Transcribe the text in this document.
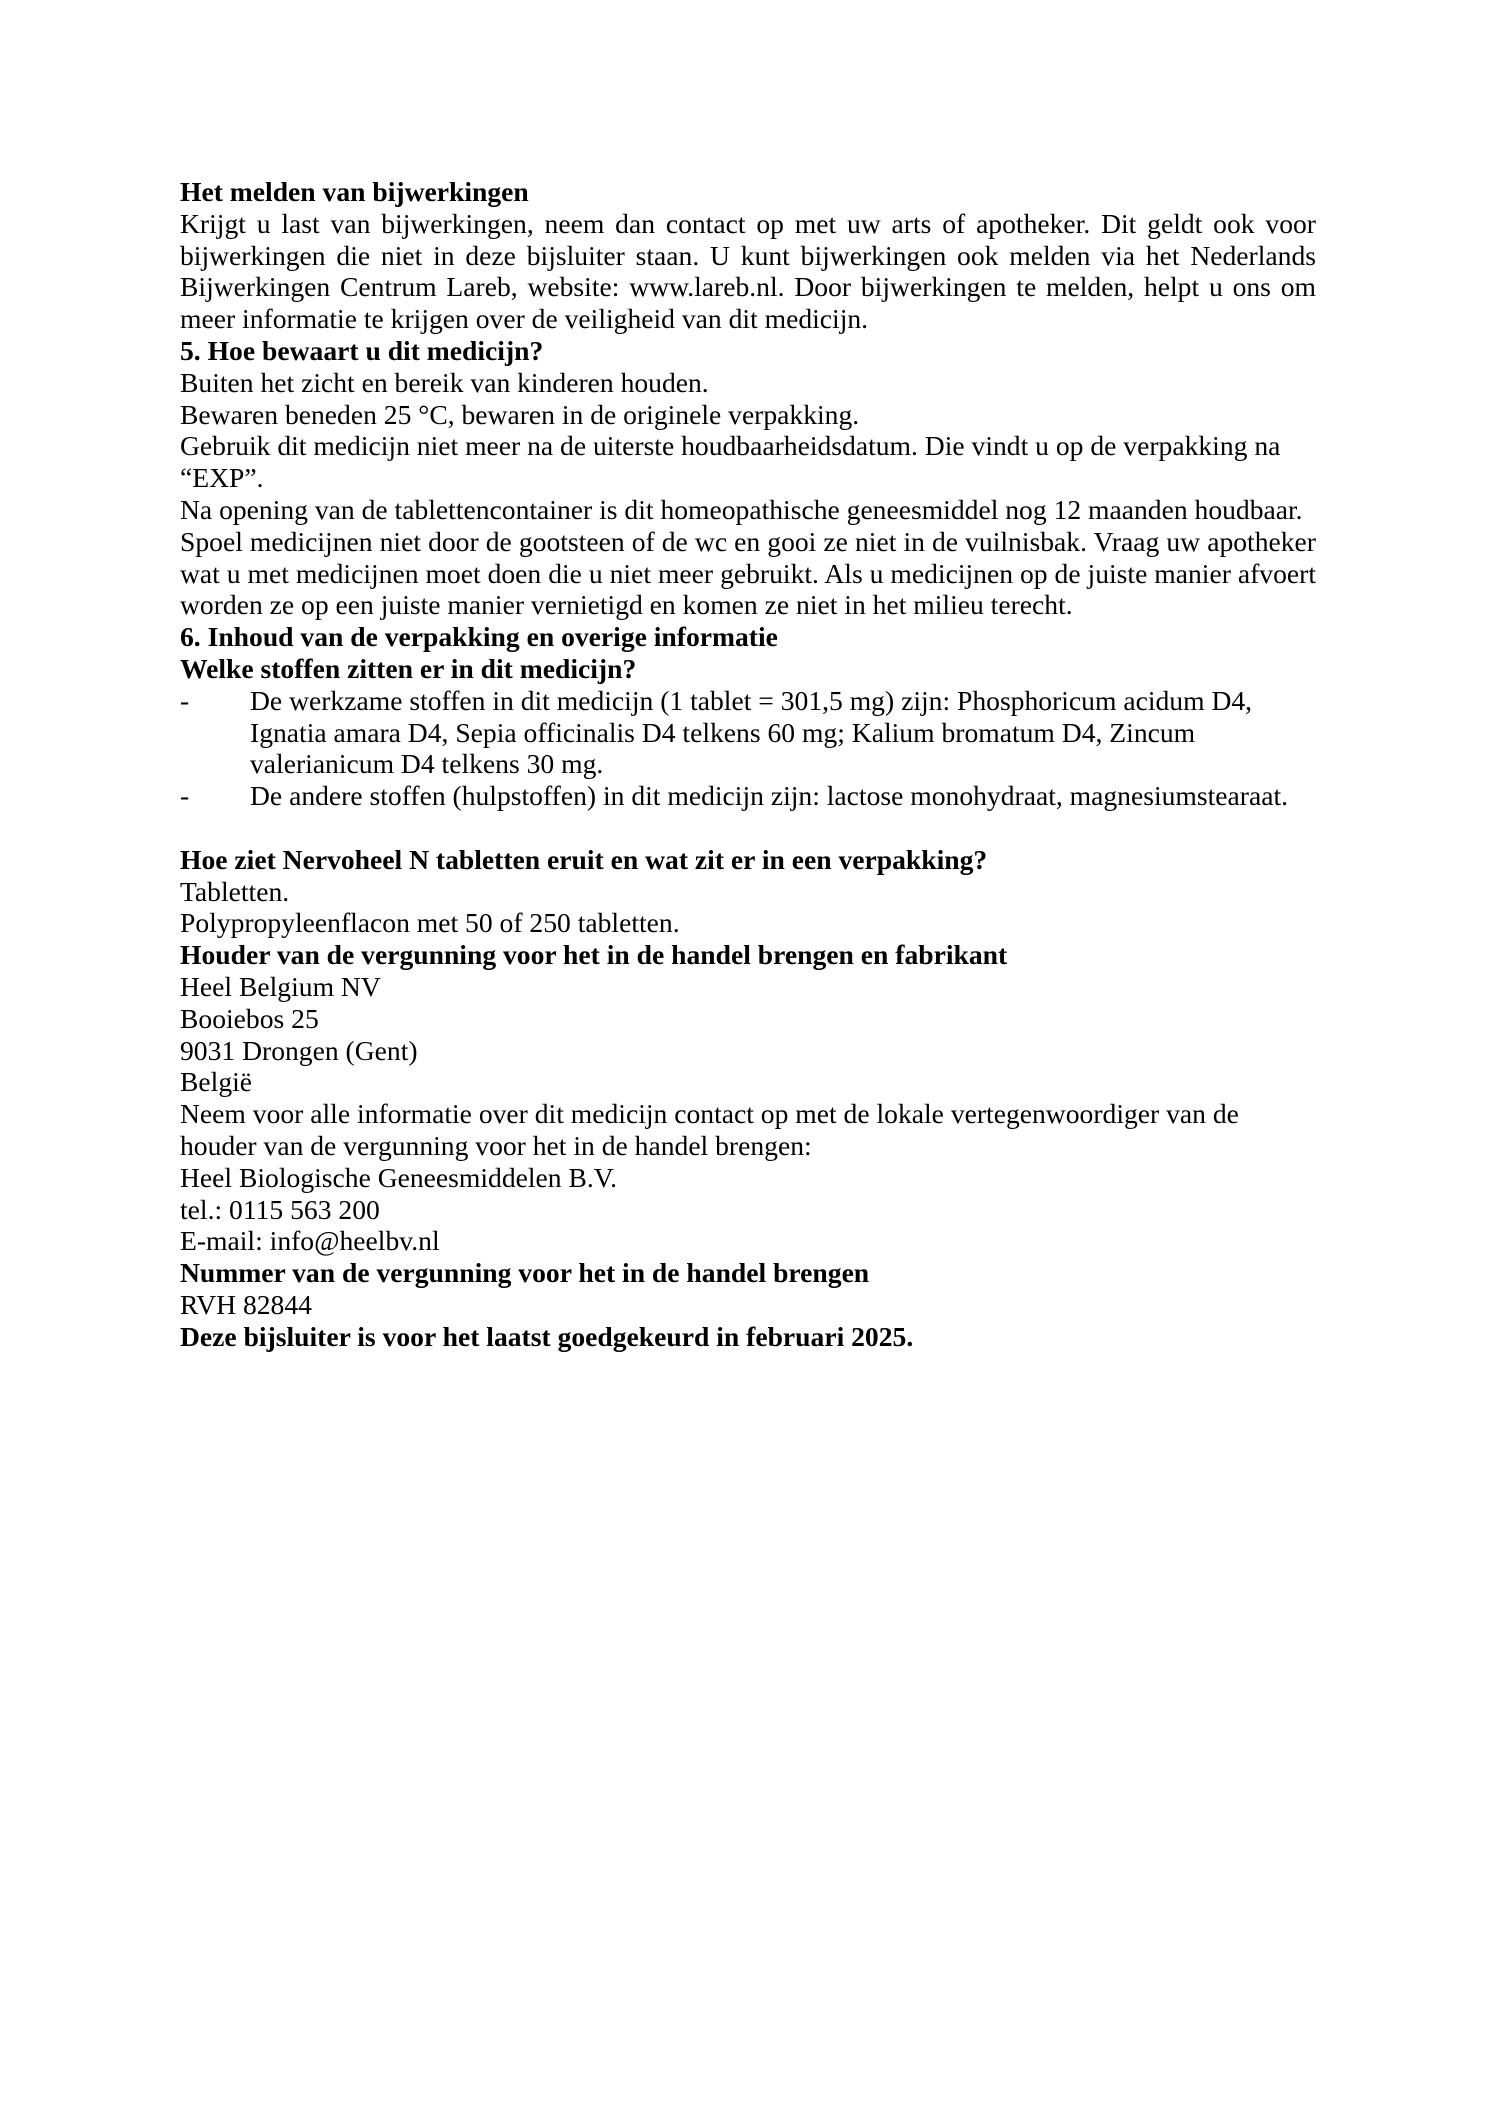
Het melden van bijwerkingen

Krijgt u last van bijwerkingen, neem dan contact op met uw arts of apotheker. Dit geldt ook voor bijwerkingen die niet in deze bijsluiter staan. U kunt bijwerkingen ook melden via het Nederlands Bijwerkingen Centrum Lareb, website: www.lareb.nl. Door bijwerkingen te melden, helpt u ons om meer informatie te krijgen over de veiligheid van dit medicijn.

5. Hoe bewaart u dit medicijn?

Buiten het zicht en bereik van kinderen houden.

Bewaren beneden 25 °C, bewaren in de originele verpakking.

Gebruik dit medicijn niet meer na de uiterste houdbaarheidsdatum. Die vindt u op de verpakking na “EXP”.

Na opening van de tablettencontainer is dit homeopathische geneesmiddel nog 12 maanden houdbaar.

Spoel medicijnen niet door de gootsteen of de wc en gooi ze niet in de vuilnisbak. Vraag uw apotheker wat u met medicijnen moet doen die u niet meer gebruikt. Als u medicijnen op de juiste manier afvoert worden ze op een juiste manier vernietigd en komen ze niet in het milieu terecht.

6. Inhoud van de verpakking en overige informatie

Welke stoffen zitten er in dit medicijn?

-	De werkzame stoffen in dit medicijn (1 tablet = 301,5 mg) zijn: Phosphoricum acidum D4, Ignatia amara D4, Sepia officinalis D4 telkens 60 mg; Kalium bromatum D4, Zincum valerianicum D4 telkens 30 mg.
-	De andere stoffen (hulpstoffen) in dit medicijn zijn: lactose monohydraat, magnesiumstearaat.

Hoe ziet Nervoheel N tabletten eruit en wat zit er in een verpakking?

Tabletten.

Polypropyleenflacon met 50 of 250 tabletten.

Houder van de vergunning voor het in de handel brengen en fabrikant

Heel Belgium NV

Booiebos 25

9031 Drongen (Gent)

België

Neem voor alle informatie over dit medicijn contact op met de lokale vertegenwoordiger van de houder van de vergunning voor het in de handel brengen:

Heel Biologische Geneesmiddelen B.V.

tel.: 0115 563 200

E-mail: info@heelbv.nl

Nummer van de vergunning voor het in de handel brengen

RVH 82844

Deze bijsluiter is voor het laatst goedgekeurd in februari 2025.
